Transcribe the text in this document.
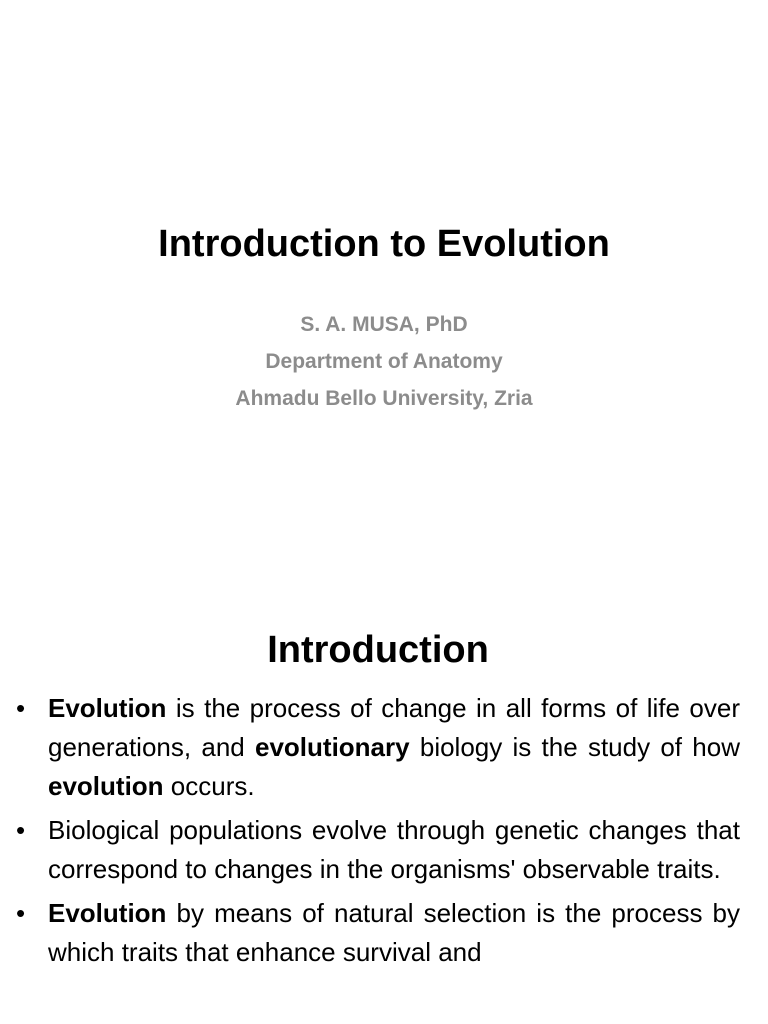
Introduction to Evolution
S. A. MUSA, PhD
Department of Anatomy
Ahmadu Bello University, Zria
Introduction
• Evolution is the process of change in all forms of life over generations, and evolutionary biology is the study of how evolution occurs.
• Biological populations evolve through genetic changes that correspond to changes in the organisms' observable traits.
• Evolution by means of natural selection is the process by which traits that enhance survival and
